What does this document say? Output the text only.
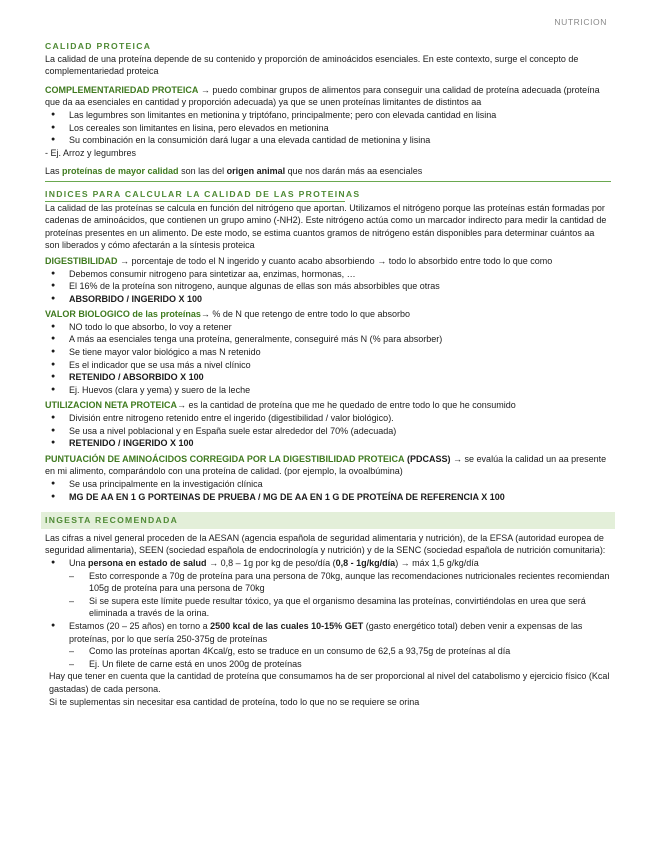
NUTRICION
CALIDAD PROTEICA

La calidad de una proteína depende de su contenido y proporción de aminoácidos esenciales. En este contexto, surge el concepto de complementariedad proteica

COMPLEMENTARIEDAD PROTEICA → puedo combinar grupos de alimentos para conseguir una calidad de proteína adecuada (proteína que da aa esenciales en cantidad y proporción adecuada) ya que se unen proteínas limitantes de distintos aa

● Las legumbres son limitantes en metionina y triptófano, principalmente; pero con elevada cantidad en lisina
● Los cereales son limitantes en lisina, pero elevados en metionina
● Su combinación en la consumición dará lugar a una elevada cantidad de metionina y lisina

- Ej. Arroz y legumbres

Las proteínas de mayor calidad son las del origen animal que nos darán más aa esenciales

INDICES PARA CALCULAR LA CALIDAD DE LAS PROTEINAS

La calidad de las proteínas se calcula en función del nitrógeno que aportan. Utilizamos el nitrógeno porque las proteínas están formadas por cadenas de aminoácidos, que contienen un grupo amino (-NH2). Este nitrógeno actúa como un marcador indirecto para medir la cantidad de proteínas presentes en un alimento. De este modo, se estima cuantos gramos de nitrógeno están disponibles para determinar cuántos aa son liberados y cómo afectarán a la síntesis proteica

DIGESTIBILIDAD → porcentaje de todo el N ingerido y cuanto acabo absorbiendo → todo lo absorbido entre todo lo que como

● Debemos consumir nitrogeno para sintetizar aa, enzimas, hormonas, …
● El 16% de la proteína son nitrogeno, aunque algunas de ellas son más absorbibles que otras
● ABSORBIDO / INGERIDO X 100

VALOR BIOLOGICO de las proteínas→ % de N que retengo de entre todo lo que absorbo

● NO todo lo que absorbo, lo voy a retener
● A más aa esenciales tenga una proteína, generalmente, conseguiré más N (% para absorber)
● Se tiene mayor valor biológico a mas N retenido
● Es el indicador que se usa más a nivel clínico
● RETENIDO / ABSORBIDO X 100
● Ej. Huevos (clara y yema) y suero de la leche

UTILIZACION NETA PROTEICA→ es la cantidad de proteína que me he quedado de entre todo lo que he consumido

● División entre nitrogeno retenido entre el ingerido (digestibilidad / valor biológico).
● Se usa a nivel poblacional y en España suele estar alrededor del 70% (adecuada)
● RETENIDO / INGERIDO X 100

PUNTUACIÓN DE AMINOÁCIDOS CORREGIDA POR LA DIGESTIBILIDAD PROTEICA (PDCASS) → se evalúa la calidad un aa presente en mi alimento, comparándolo con una proteína de calidad. (por ejemplo, la ovoalbúmina)

● Se usa principalmente en la investigación clínica
● MG DE AA EN 1 G PORTEINAS DE PRUEBA / MG DE AA EN 1 G DE PROTEÍNA DE REFERENCIA X 100
INGESTA RECOMENDADA

Las cifras a nivel general proceden de la AESAN (agencia española de seguridad alimentaria y nutrición), de la EFSA (autoridad europea de seguridad alimentaria), SEEN (sociedad española de endocrinología y nutrición) y de la SENC (sociedad española de nutrición comunitaria):

● Una persona en estado de salud → 0,8 – 1g por kg de peso/día (0,8 - 1g/kg/día) → máx 1,5 g/kg/día
– Esto corresponde a 70g de proteína para una persona de 70kg, aunque las recomendaciones nutricionales recientes recomiendan 105g de proteína para una persona de 70kg
– Si se supera este límite puede resultar tóxico, ya que el organismo desamina las proteínas, convirtiéndolas en urea que será eliminada a través de la orina.
● Estamos (20 – 25 años) en torno a 2500 kcal de las cuales 10-15% GET (gasto energético total) deben venir a expensas de las proteínas, por lo que sería 250-375g de proteínas
– Como las proteínas aportan 4Kcal/g, esto se traduce en un consumo de 62,5 a 93,75g de proteínas al día
– Ej. Un filete de carne está en unos 200g de proteínas

Hay que tener en cuenta que la cantidad de proteína que consumamos ha de ser proporcional al nivel del catabolismo y ejercicio físico (Kcal gastadas) de cada persona.

Si te suplementas sin necesitar esa cantidad de proteína, todo lo que no se requiere se orina
